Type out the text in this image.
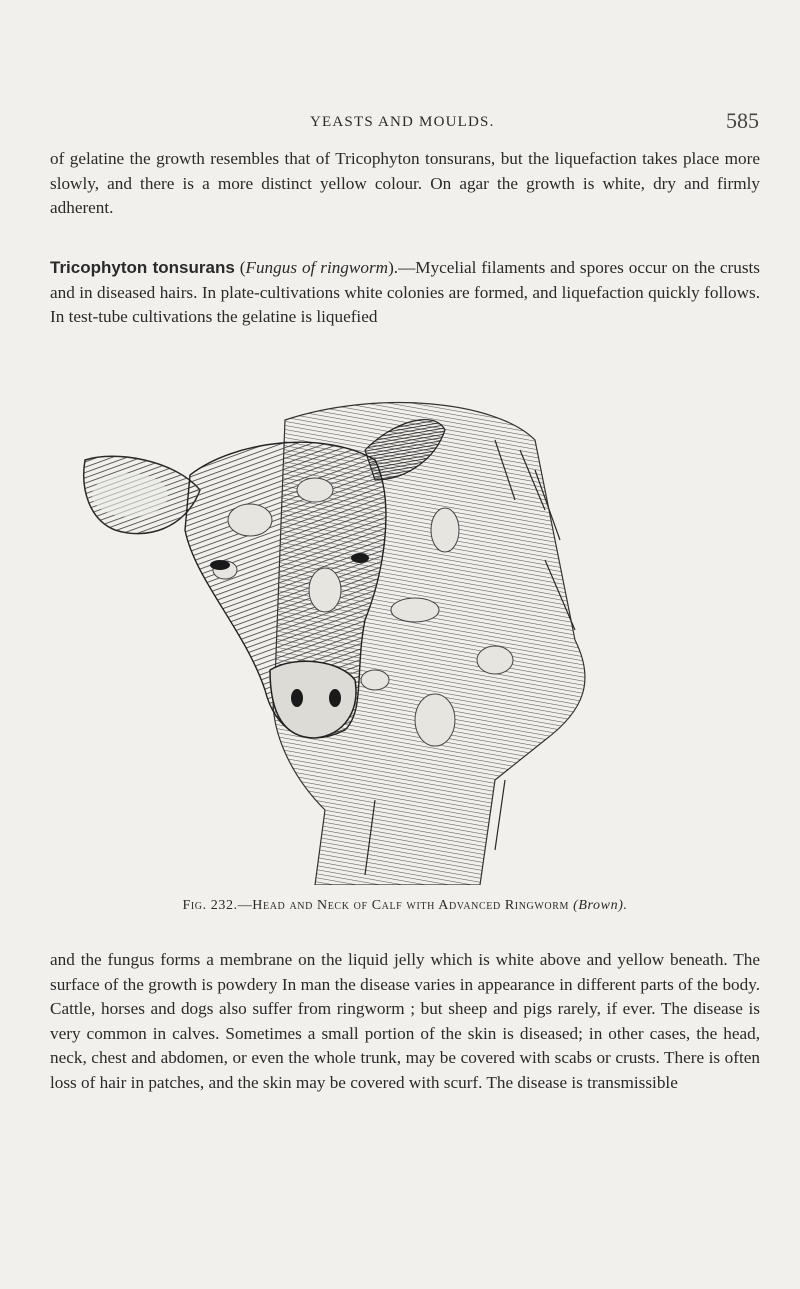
YEASTS AND MOULDS.	585

of gelatine the growth resembles that of Tricophyton tonsurans, but the liquefaction takes place more slowly, and there is a more distinct yellow colour. On agar the growth is white, dry and firmly adherent.

Tricophyton tonsurans (Fungus of ringworm).—Mycelial filaments and spores occur on the crusts and in diseased hairs. In plate-cultivations white colonies are formed, and liquefaction quickly follows. In test-tube cultivations the gelatine is liquefied

Fig. 232.—Head and Neck of Calf with Advanced Ringworm (Brown).

and the fungus forms a membrane on the liquid jelly which is white above and yellow beneath. The surface of the growth is powdery In man the disease varies in appearance in different parts of the body. Cattle, horses and dogs also suffer from ringworm ; but sheep and pigs rarely, if ever. The disease is very common in calves. Sometimes a small portion of the skin is diseased; in other cases, the head, neck, chest and abdomen, or even the whole trunk, may be covered with scabs or crusts. There is often loss of hair in patches, and the skin may be covered with scurf. The disease is transmissible
